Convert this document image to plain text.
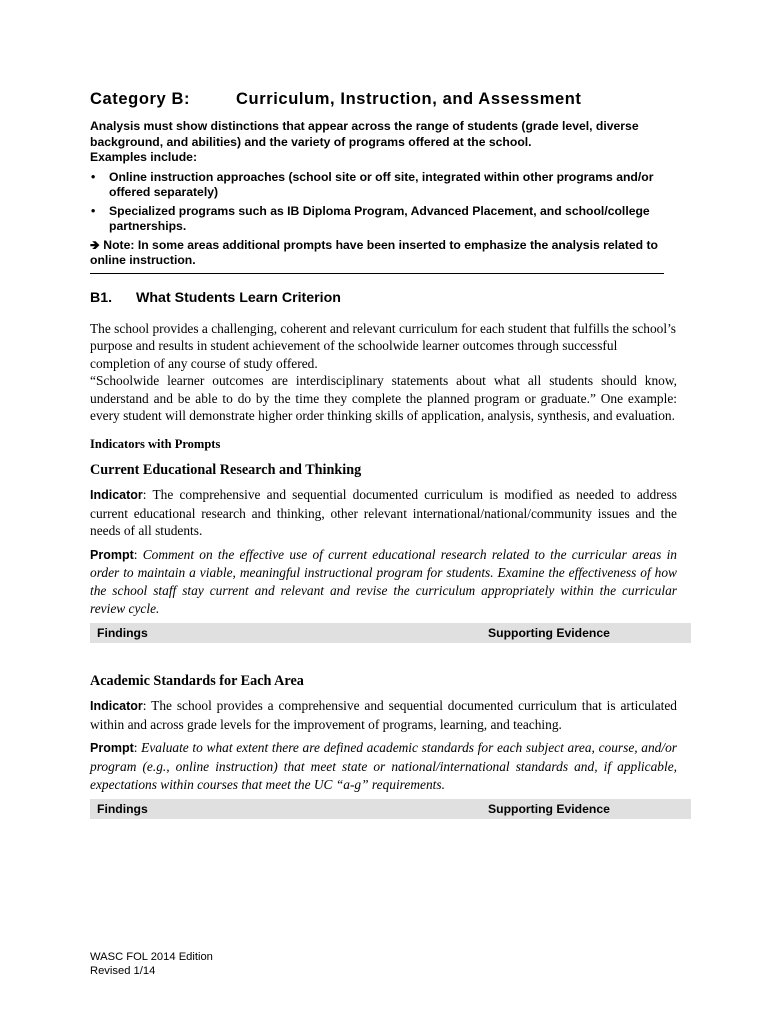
Category B:	Curriculum, Instruction, and Assessment

Analysis must show distinctions that appear across the range of students (grade level, diverse background, and abilities) and the variety of programs offered at the school.

Examples include:

• Online instruction approaches (school site or off site, integrated within other programs and/or offered separately)
• Specialized programs such as IB Diploma Program, Advanced Placement, and school/college partnerships.

🡺 Note: In some areas additional prompts have been inserted to emphasize the analysis related to online instruction.

B1. What Students Learn Criterion

The school provides a challenging, coherent and relevant curriculum for each student that fulfills the school’s purpose and results in student achievement of the schoolwide learner outcomes through successful completion of any course of study offered.

“Schoolwide learner outcomes are interdisciplinary statements about what all students should know, understand and be able to do by the time they complete the planned program or graduate.” One example: every student will demonstrate higher order thinking skills of application, analysis, synthesis, and evaluation.

Indicators with Prompts

Current Educational Research and Thinking

Indicator: The comprehensive and sequential documented curriculum is modified as needed to address current educational research and thinking, other relevant international/national/community issues and the needs of all students.

Prompt: Comment on the effective use of current educational research related to the curricular areas in order to maintain a viable, meaningful instructional program for students. Examine the effectiveness of how the school staff stay current and relevant and revise the curriculum appropriately within the curricular review cycle.

Findings	Supporting Evidence

Academic Standards for Each Area

Indicator: The school provides a comprehensive and sequential documented curriculum that is articulated within and across grade levels for the improvement of programs, learning, and teaching.

Prompt: Evaluate to what extent there are defined academic standards for each subject area, course, and/or program (e.g., online instruction) that meet state or national/international standards and, if applicable, expectations within courses that meet the UC “a-g” requirements.

Findings	Supporting Evidence
WASC FOL 2014 Edition
Revised 1/14
